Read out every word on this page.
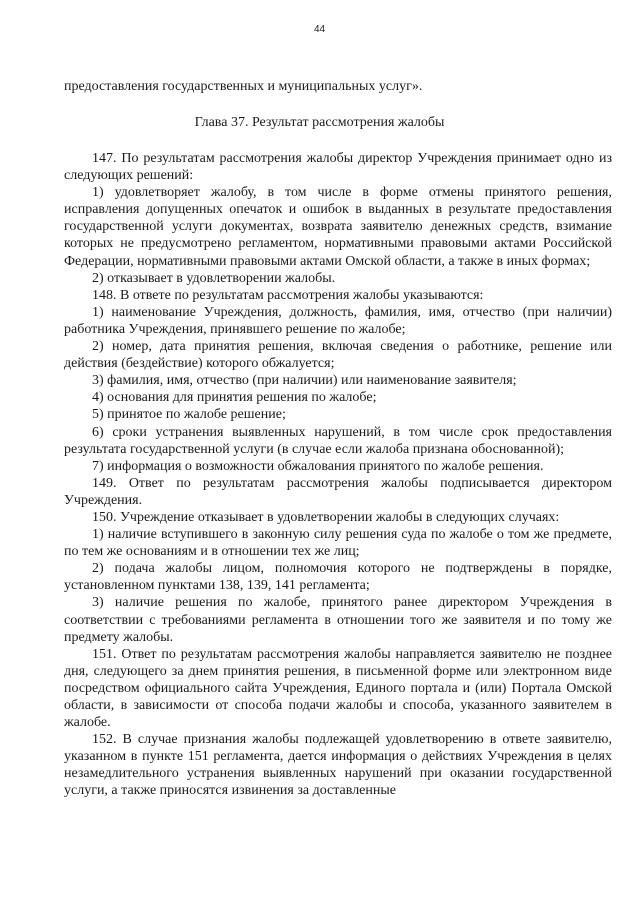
44
предоставления государственных и муниципальных услуг».
Глава 37. Результат рассмотрения жалобы

147. По результатам рассмотрения жалобы директор Учреждения принимает одно из следующих решений:

1) удовлетворяет жалобу, в том числе в форме отмены принятого решения, исправления допущенных опечаток и ошибок в выданных в результате предоставления государственной услуги документах, возврата заявителю денежных средств, взимание которых не предусмотрено регламентом, нормативными правовыми актами Российской Федерации, нормативными правовыми актами Омской области, а также в иных формах;

2) отказывает в удовлетворении жалобы.

148. В ответе по результатам рассмотрения жалобы указываются:

1) наименование Учреждения, должность, фамилия, имя, отчество (при наличии) работника Учреждения, принявшего решение по жалобе;

2) номер, дата принятия решения, включая сведения о работнике, решение или действия (бездействие) которого обжалуется;

3) фамилия, имя, отчество (при наличии) или наименование заявителя;

4) основания для принятия решения по жалобе;

5) принятое по жалобе решение;

6) сроки устранения выявленных нарушений, в том числе срок предоставления результата государственной услуги (в случае если жалоба признана обоснованной);

7) информация о возможности обжалования принятого по жалобе решения.

149. Ответ по результатам рассмотрения жалобы подписывается директором Учреждения.

150. Учреждение отказывает в удовлетворении жалобы в следующих случаях:

1) наличие вступившего в законную силу решения суда по жалобе о том же предмете, по тем же основаниям и в отношении тех же лиц;

2) подача жалобы лицом, полномочия которого не подтверждены в порядке, установленном пунктами 138, 139, 141 регламента;

3) наличие решения по жалобе, принятого ранее директором Учреждения в соответствии с требованиями регламента в отношении того же заявителя и по тому же предмету жалобы.

151. Ответ по результатам рассмотрения жалобы направляется заявителю не позднее дня, следующего за днем принятия решения, в письменной форме или электронном виде посредством официального сайта Учреждения, Единого портала и (или) Портала Омской области, в зависимости от способа подачи жалобы и способа, указанного заявителем в жалобе.

152. В случае признания жалобы подлежащей удовлетворению в ответе заявителю, указанном в пункте 151 регламента, дается информация о действиях Учреждения в целях незамедлительного устранения выявленных нарушений при оказании государственной услуги, а также приносятся извинения за доставленные
